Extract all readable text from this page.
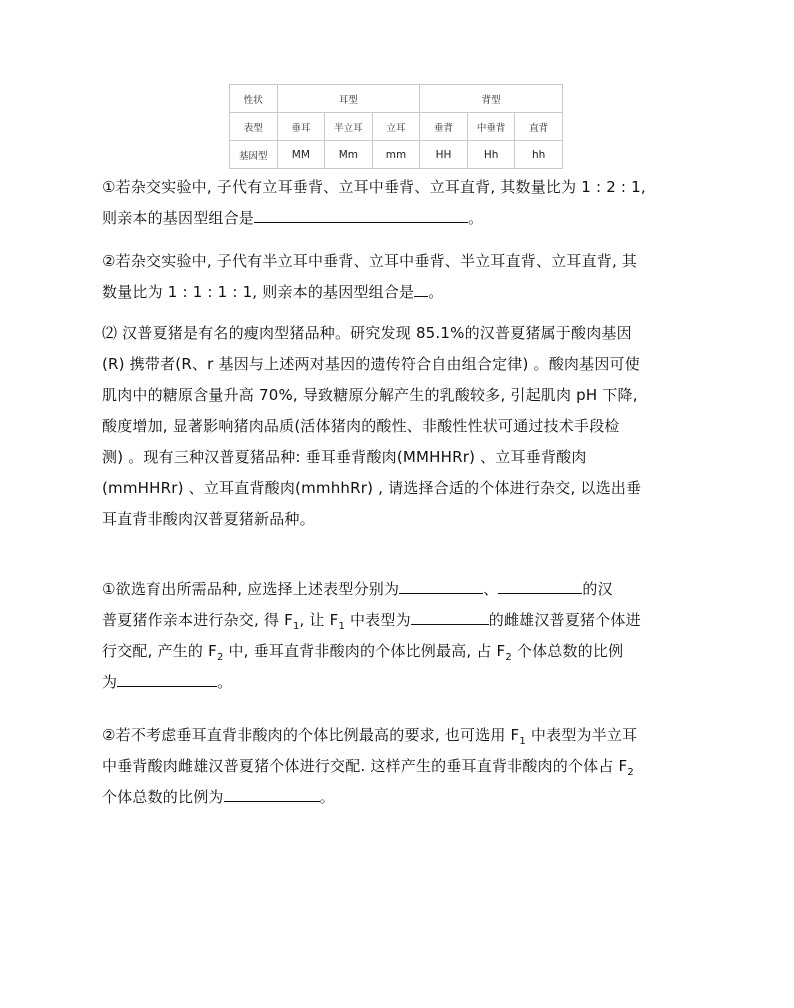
性状	耳型			背型		
表型	垂耳	半立耳	立耳	垂背	中垂背	直背
基因型	MM	Mm	mm	HH	Hh	hh
①若杂交实验中, 子代有立耳垂背、立耳中垂背、立耳直背, 其数量比为 1 : 2 : 1,
则亲本的基因型组合是	。
②若杂交实验中, 子代有半立耳中垂背、立耳中垂背、半立耳直背、立耳直背, 其
数量比为 1 : 1 : 1 : 1, 则亲本的基因型组合是 。
⑵ 汉普夏猪是有名的瘦肉型猪品种。研究发现 85.1%的汉普夏猪属于酸肉基因
(R) 携带者(R、r 基因与上述两对基因的遗传符合自由组合定律) 。酸肉基因可使
肌肉中的糖原含量升高 70%, 导致糖原分解产生的乳酸较多, 引起肌肉 pH 下降,
酸度增加, 显著影响猪肉品质(活体猪肉的酸性、非酸性性状可通过技术手段检
测) 。现有三种汉普夏猪品种: 垂耳垂背酸肉(MMHHRr) 、立耳垂背酸肉
(mmHHRr) 、立耳直背酸肉(mmhhRr) , 请选择合适的个体进行杂交, 以选出垂
耳直背非酸肉汉普夏猪新品种。
①欲选育出所需品种, 应选择上述表型分别为	、	的汉
普夏猪作亲本进行杂交, 得 $F_1$, 让 $F_1$ 中表型为	的雌雄汉普夏猪个体进
行交配, 产生的 $F_2$ 中, 垂耳直背非酸肉的个体比例最高, 占 $F_2$ 个体总数的比例
为	。
②若不考虑垂耳直背非酸肉的个体比例最高的要求, 也可选用 $F_1$ 中表型为半立耳
中垂背酸肉雌雄汉普夏猪个体进行交配. 这样产生的垂耳直背非酸肉的个体占 $F_2$
个体总数的比例为	。
